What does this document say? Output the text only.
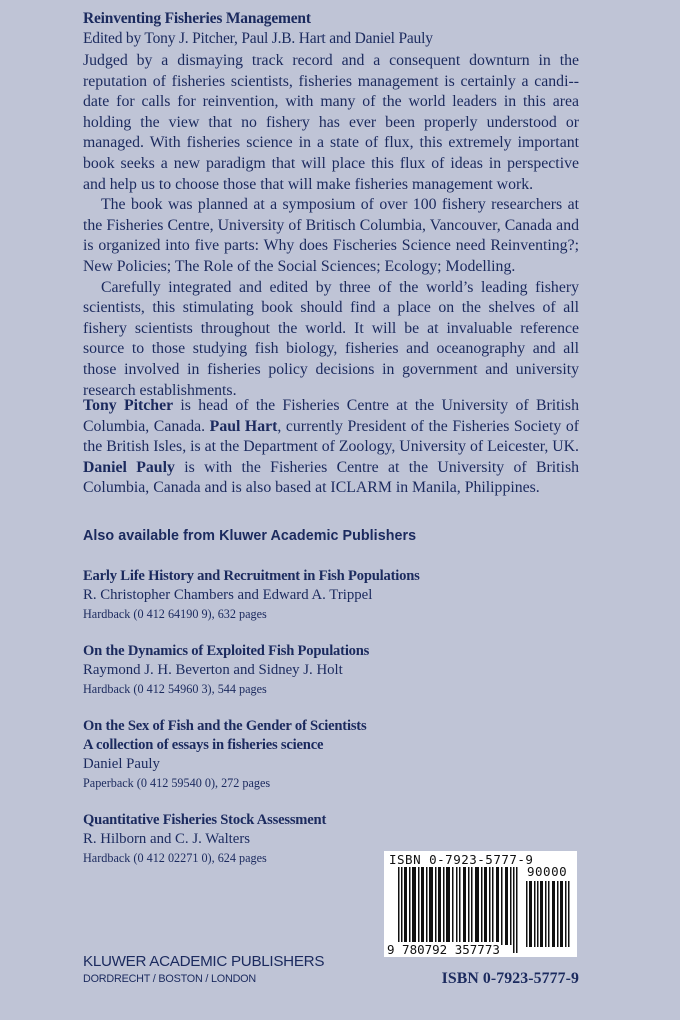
Reinventing Fisheries Management

Edited by Tony J. Pitcher, Paul J.B. Hart and Daniel Pauly

Judged by a dismaying track record and a consequent downturn in the reputation of fisheries scientists, fisheries management is certainly a candi-date for calls for reinvention, with many of the world leaders in this area holding the view that no fishery has ever been properly understood or managed. With fisheries science in a state of flux, this extremely important book seeks a new paradigm that will place this flux of ideas in perspective and help us to choose those that will make fisheries management work.

The book was planned at a symposium of over 100 fishery researchers at the Fisheries Centre, University of Britisch Columbia, Vancouver, Canada and is organized into five parts: Why does Fischeries Science need Reinventing?; New Policies; The Role of the Social Sciences; Ecology; Modelling.

Carefully integrated and edited by three of the world’s leading fishery scientists, this stimulating book should find a place on the shelves of all fishery scientists throughout the world. It will be at invaluable reference source to those studying fish biology, fisheries and oceanography and all those involved in fisheries policy decisions in government and university research establishments.

Tony Pitcher is head of the Fisheries Centre at the University of British Columbia, Canada. Paul Hart, currently President of the Fisheries Society of the British Isles, is at the Department of Zoology, University of Leicester, UK. Daniel Pauly is with the Fisheries Centre at the University of British Columbia, Canada and is also based at ICLARM in Manila, Philippines.

Also available from Kluwer Academic Publishers

Early Life History and Recruitment in Fish Populations

R. Christopher Chambers and Edward A. Trippel

Hardback (0 412 64190 9), 632 pages

On the Dynamics of Exploited Fish Populations

Raymond J. H. Beverton and Sidney J. Holt

Hardback (0 412 54960 3), 544 pages

On the Sex of Fish and the Gender of Scientists

A collection of essays in fisheries science

Daniel Pauly

Paperback (0 412 59540 0), 272 pages

Quantitative Fisheries Stock Assessment

R. Hilborn and C. J. Walters

Hardback (0 412 02271 0), 624 pages	ISBN 0-7923-5777-9
90000
9 780792 357773

KLUWER ACADEMIC PUBLISHERS

DORDRECHT / BOSTON / LONDON	ISBN 0-7923-5777-9
